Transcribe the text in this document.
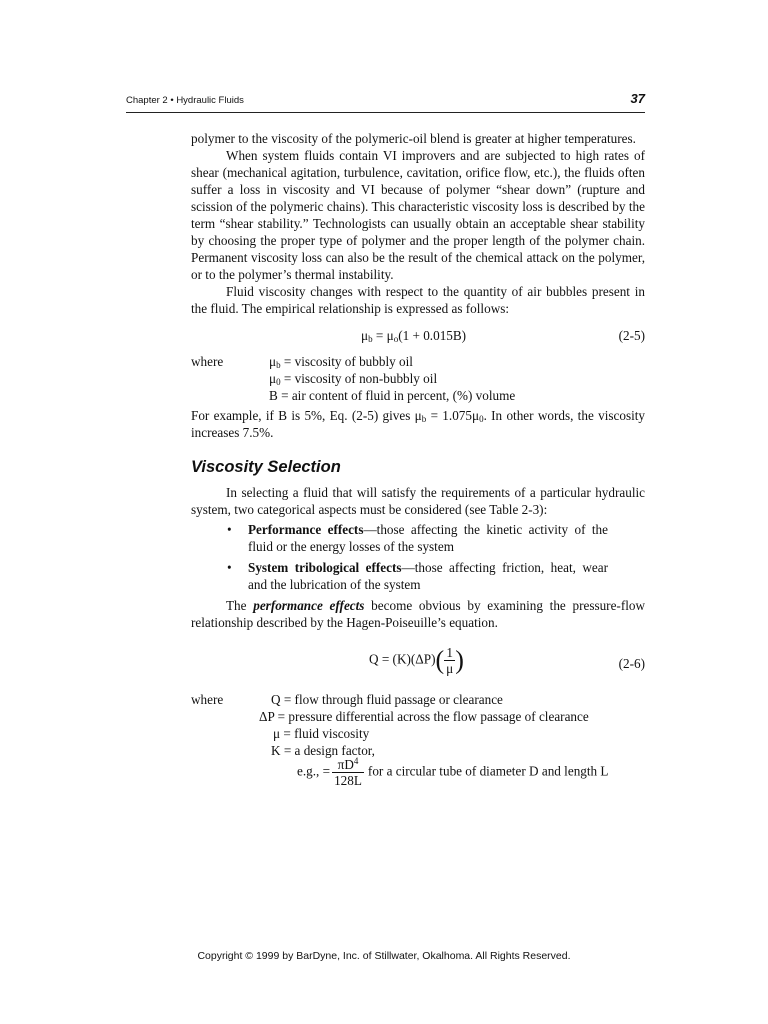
Chapter 2 • Hydraulic Fluids	37

polymer to the viscosity of the polymeric-oil blend is greater at higher temperatures.

When system fluids contain VI improvers and are subjected to high rates of shear (mechanical agitation, turbulence, cavitation, orifice flow, etc.), the fluids often suffer a loss in viscosity and VI because of polymer “shear down” (rupture and scission of the polymeric chains). This characteristic viscosity loss is described by the term “shear stability.” Technologists can usually obtain an acceptable shear stability by choosing the proper type of polymer and the proper length of the polymer chain. Permanent viscosity loss can also be the result of the chemical attack on the polymer, or to the polymer’s thermal instability.

Fluid viscosity changes with respect to the quantity of air bubbles present in the fluid. The empirical relationship is expressed as follows:

$\mu_b = \mu_o(1 + 0.015B)$	(2-5)
where	$\mu_b$ = viscosity of bubbly oil
$\mu_0$ = viscosity of non-bubbly oil
B = air content of fluid in percent, (%) volume

For example, if B is 5%, Eq. (2-5) gives $\mu_b = 1.075\mu_0$. In other words, the viscosity increases 7.5%.

Viscosity Selection

In selecting a fluid that will satisfy the requirements of a particular hydraulic system, two categorical aspects must be considered (see Table 2-3):

• Performance effects—those affecting the kinetic activity of the fluid or the energy losses of the system
• System tribological effects—those affecting friction, heat, wear and the lubrication of the system

The performance effects become obvious by examining the pressure-flow relationship described by the Hagen-Poiseuille’s equation.

$Q = (K)(\Delta P)( \frac{1}{\mu}$ )	(2-6)
where	Q = flow through fluid passage or clearance
ΔP = pressure differential across the flow passage of clearance
μ = fluid viscosity
K = a design factor,
e.g., = $\frac{\pi D^4}{128L}$ for a circular tube of diameter D and length L
Copyright © 1999 by BarDyne, Inc. of Stillwater, Okalhoma. All Rights Reserved.
